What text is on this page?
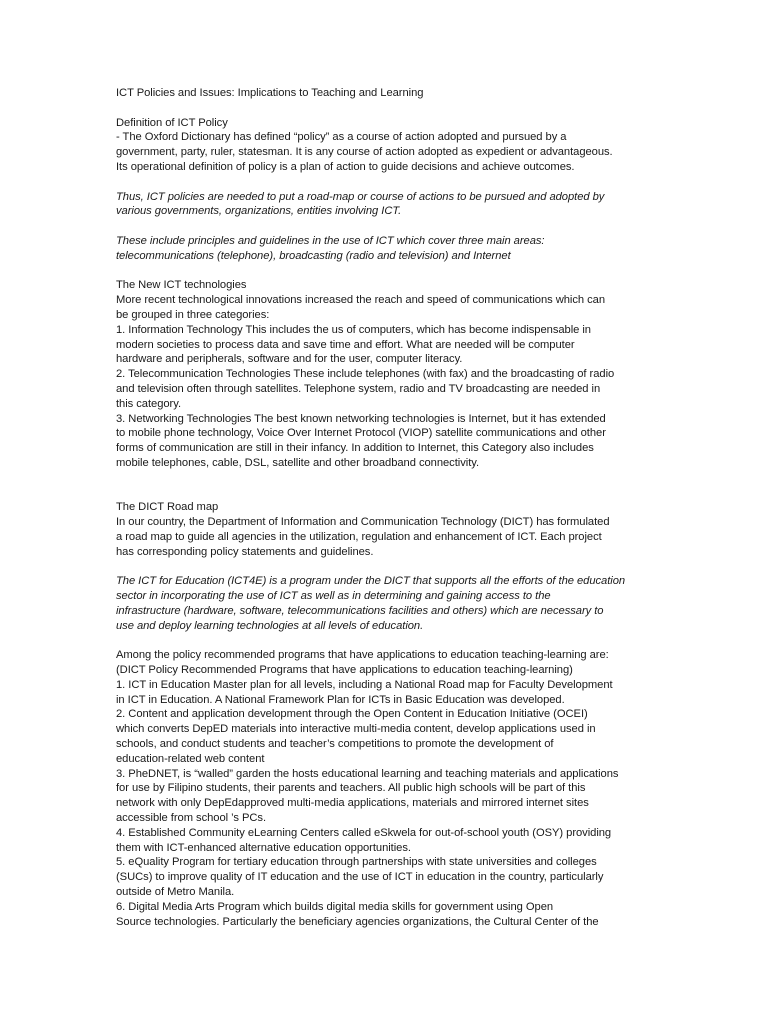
ICT Policies and Issues: Implications to Teaching and Learning
Definition of ICT Policy
- The Oxford Dictionary has defined “policy” as a course of action adopted and pursued by a
government, party, ruler, statesman. It is any course of action adopted as expedient or advantageous.
Its operational definition of policy is a plan of action to guide decisions and achieve outcomes.
Thus, ICT policies are needed to put a road-map or course of actions to be pursued and adopted by
various governments, organizations, entities involving ICT.
These include principles and guidelines in the use of ICT which cover three main areas:
telecommunications (telephone), broadcasting (radio and television) and Internet
The New ICT technologies
More recent technological innovations increased the reach and speed of communications which can
be grouped in three categories:
1. Information Technology This includes the us of computers, which has become indispensable in
modern societies to process data and save time and effort. What are needed will be computer
hardware and peripherals, software and for the user, computer literacy.
2. Telecommunication Technologies These include telephones (with fax) and the broadcasting of radio
and television often through satellites. Telephone system, radio and TV broadcasting are needed in
this category.
3. Networking Technologies The best known networking technologies is Internet, but it has extended
to mobile phone technology, Voice Over Internet Protocol (VIOP) satellite communications and other
forms of communication are still in their infancy. In addition to Internet, this Category also includes
mobile telephones, cable, DSL, satellite and other broadband connectivity.
The DICT Road map
In our country, the Department of Information and Communication Technology (DICT) has formulated
a road map to guide all agencies in the utilization, regulation and enhancement of ICT. Each project
has corresponding policy statements and guidelines.
The ICT for Education (ICT4E) is a program under the DICT that supports all the efforts of the education
sector in incorporating the use of ICT as well as in determining and gaining access to the
infrastructure (hardware, software, telecommunications facilities and others) which are necessary to
use and deploy learning technologies at all levels of education.
Among the policy recommended programs that have applications to education teaching-learning are:
(DICT Policy Recommended Programs that have applications to education teaching-learning)
1. ICT in Education Master plan for all levels, including a National Road map for Faculty Development
in ICT in Education. A National Framework Plan for ICTs in Basic Education was developed.
2. Content and application development through the Open Content in Education Initiative (OCEI)
which converts DepED materials into interactive multi-media content, develop applications used in
schools, and conduct students and teacher’s competitions to promote the development of
education-related web content
3. PheDNET, is “walled” garden the hosts educational learning and teaching materials and applications
for use by Filipino students, their parents and teachers. All public high schools will be part of this
network with only DepEdapproved multi-media applications, materials and mirrored internet sites
accessible from school ’s PCs.
4. Established Community eLearning Centers called eSkwela for out-of-school youth (OSY) providing
them with ICT-enhanced alternative education opportunities.
5. eQuality Program for tertiary education through partnerships with state universities and colleges
(SUCs) to improve quality of IT education and the use of ICT in education in the country, particularly
outside of Metro Manila.
6. Digital Media Arts Program which builds digital media skills for government using Open
Source technologies. Particularly the beneficiary agencies organizations, the Cultural Center of the
